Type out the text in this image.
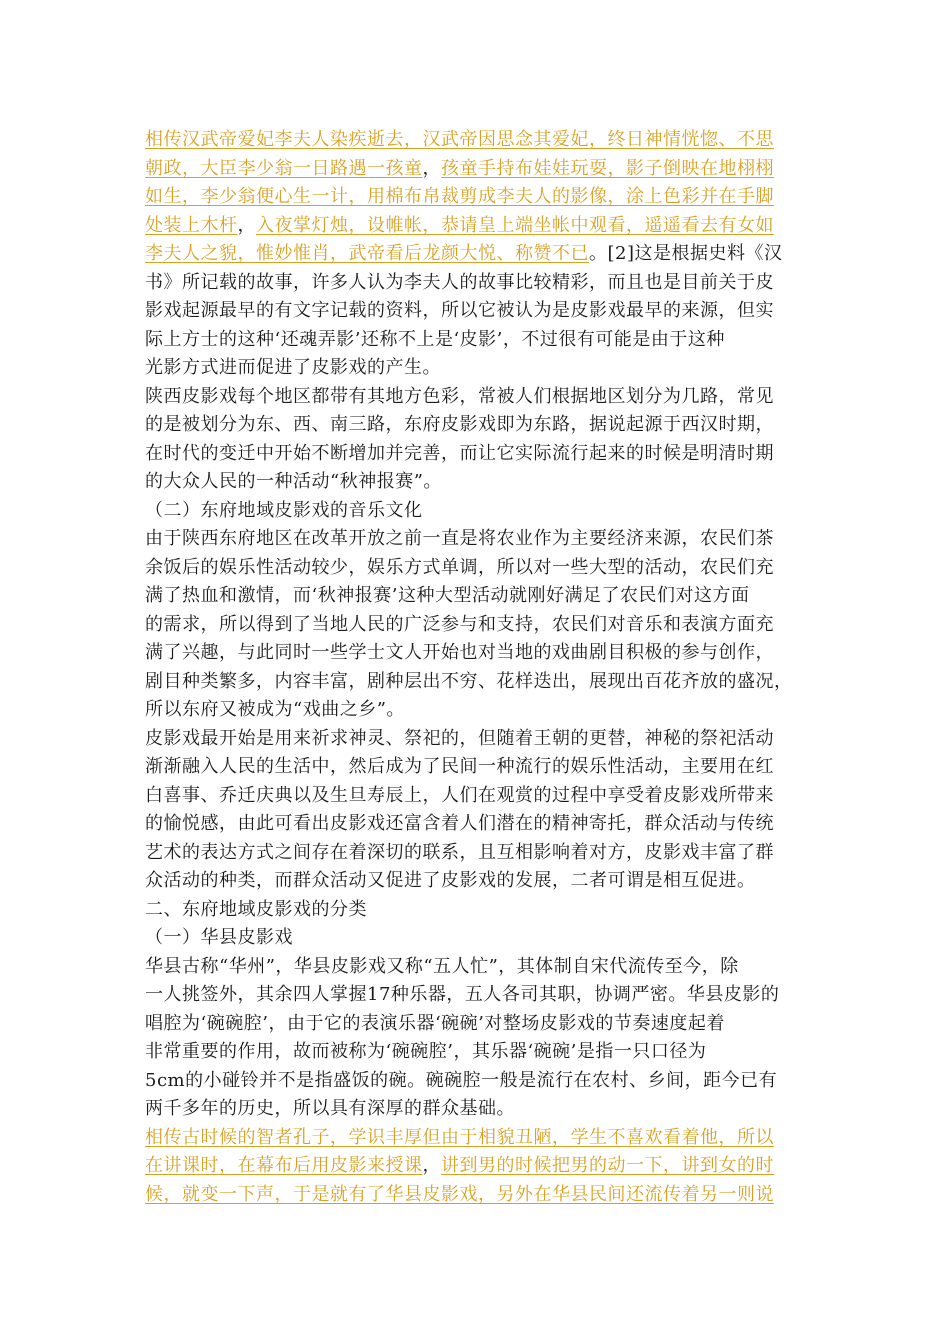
相传汉武帝爱妃李夫人染疾逝去，汉武帝因思念其爱妃，终日神情恍惚、不思
朝政，大臣李少翁一日路遇一孩童，孩童手持布娃娃玩耍，影子倒映在地栩栩
如生，李少翁便心生一计，用棉布帛裁剪成李夫人的影像，涂上色彩并在手脚
处装上木杆，入夜掌灯烛，设帷帐，恭请皇上端坐帐中观看，遥遥看去有女如
李夫人之貌，惟妙惟肖，武帝看后龙颜大悦、称赞不已。[2]这是根据史料《汉
书》所记载的故事，许多人认为李夫人的故事比较精彩，而且也是目前关于皮
影戏起源最早的有文字记载的资料，所以它被认为是皮影戏最早的来源，但实
际上方士的这种‘还魂弄影’还称不上是‘皮影’，不过很有可能是由于这种
光影方式进而促进了皮影戏的产生。
陕西皮影戏每个地区都带有其地方色彩，常被人们根据地区划分为几路，常见
的是被划分为东、西、南三路，东府皮影戏即为东路，据说起源于西汉时期，
在时代的变迁中开始不断增加并完善，而让它实际流行起来的时候是明清时期
的大众人民的一种活动“秋神报赛”。
（二）东府地域皮影戏的音乐文化
由于陕西东府地区在改革开放之前一直是将农业作为主要经济来源，农民们茶
余饭后的娱乐性活动较少，娱乐方式单调，所以对一些大型的活动，农民们充
满了热血和激情，而‘秋神报赛’这种大型活动就刚好满足了农民们对这方面
的需求，所以得到了当地人民的广泛参与和支持，农民们对音乐和表演方面充
满了兴趣，与此同时一些学士文人开始也对当地的戏曲剧目积极的参与创作，
剧目种类繁多，内容丰富，剧种层出不穷、花样迭出，展现出百花齐放的盛况，
所以东府又被成为“戏曲之乡”。
皮影戏最开始是用来祈求神灵、祭祀的，但随着王朝的更替，神秘的祭祀活动
渐渐融入人民的生活中，然后成为了民间一种流行的娱乐性活动，主要用在红
白喜事、乔迁庆典以及生旦寿辰上，人们在观赏的过程中享受着皮影戏所带来
的愉悦感，由此可看出皮影戏还富含着人们潜在的精神寄托，群众活动与传统
艺术的表达方式之间存在着深切的联系，且互相影响着对方，皮影戏丰富了群
众活动的种类，而群众活动又促进了皮影戏的发展，二者可谓是相互促进。
二、东府地域皮影戏的分类
（一）华县皮影戏
华县古称“华州”，华县皮影戏又称“五人忙”，其体制自宋代流传至今，除
一人挑签外，其余四人掌握17种乐器，五人各司其职，协调严密。华县皮影的
唱腔为‘碗碗腔’，由于它的表演乐器‘碗碗’对整场皮影戏的节奏速度起着
非常重要的作用，故而被称为‘碗碗腔’，其乐器‘碗碗’是指一只口径为
5cm的小碰铃并不是指盛饭的碗。碗碗腔一般是流行在农村、乡间，距今已有
两千多年的历史，所以具有深厚的群众基础。
相传古时候的智者孔子，学识丰厚但由于相貌丑陋，学生不喜欢看着他，所以
在讲课时，在幕布后用皮影来授课，讲到男的时候把男的动一下，讲到女的时
候，就变一下声，于是就有了华县皮影戏，另外在华县民间还流传着另一则说
